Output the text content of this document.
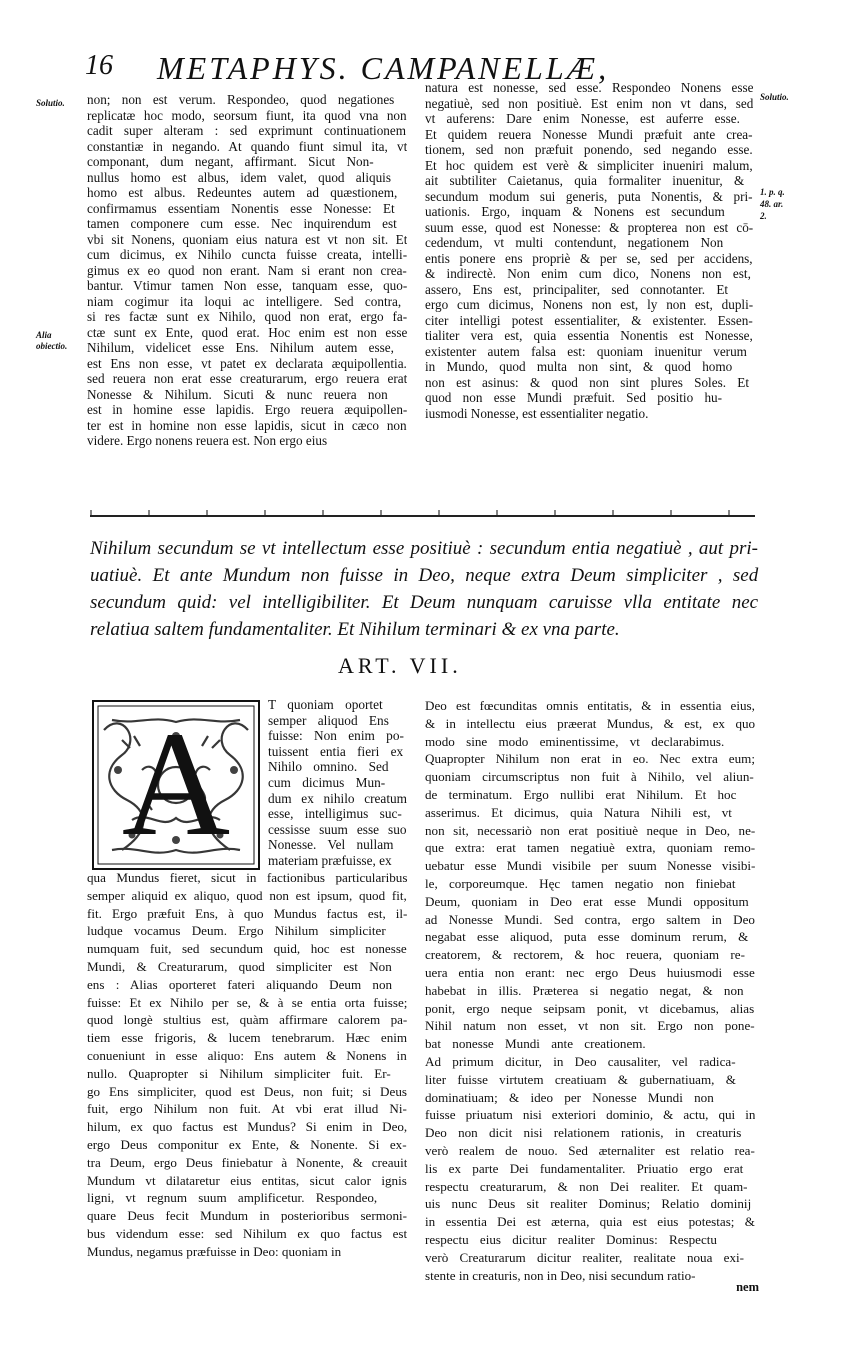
16 METAPHYS. CAMPANELLÆ,
Solutio.
Alia
obiectio.
Solutio.
1. p. q.
48. ar.
2.
non; non est verum. Respondeo, quod negationes
replicatæ hoc modo, seorsum fiunt, ita quod vna non
cadit super alteram : sed exprimunt continuationem
constantiæ in negando. At quando fiunt simul ita, vt
componant, dum negant, affirmant. Sicut Non-
nullus homo est albus, idem valet, quod aliquis
homo est albus. Redeuntes autem ad quæstionem,
confirmamus essentiam Nonentis esse Nonesse: Et
tamen componere cum esse. Nec inquirendum est
vbi sit Nonens, quoniam eius natura est vt non sit. Et
cum dicimus, ex Nihilo cuncta fuisse creata, intelli-
gimus ex eo quod non erant. Nam si erant non crea-
bantur. Vtimur tamen Non esse, tanquam esse, quo-
niam cogimur ita loqui ac intelligere. Sed contra,
si res factæ sunt ex Nihilo, quod non erat, ergo fa-
ctæ sunt ex Ente, quod erat. Hoc enim est non esse
Nihilum, videlicet esse Ens. Nihilum autem esse,
est Ens non esse, vt patet ex declarata æquipollentia.
sed reuera non erat esse creaturarum, ergo reuera erat
Nonesse & Nihilum. Sicuti & nunc reuera non
est in homine esse lapidis. Ergo reuera æquipollen-
ter est in homine non esse lapidis, sicut in cæco non
videre. Ergo nonens reuera est. Non ergo eius
natura est nonesse, sed esse. Respondeo Nonens esse
negatiuè, sed non positiuè. Est enim non vt dans, sed
vt auferens: Dare enim Nonesse, est auferre esse.
Et quidem reuera Nonesse Mundi præfuit ante crea-
tionem, sed non præfuit ponendo, sed negando esse.
Et hoc quidem est verè & simpliciter inueniri malum,
ait subtiliter Caietanus, quia formaliter inuenitur, &
secundum modum sui generis, puta Nonentis, & pri-
uationis. Ergo, inquam & Nonens est secundum
suum esse, quod est Nonesse: & propterea non est cō-
cedendum, vt multi contendunt, negationem Non
entis ponere ens propriè & per se, sed per accidens,
& indirectè. Non enim cum dico, Nonens non est,
assero, Ens est, principaliter, sed connotanter. Et
ergo cum dicimus, Nonens non est, ly non est, dupli-
citer intelligi potest essentialiter, & existenter. Essen-
tialiter vera est, quia essentia Nonentis est Nonesse,
existenter autem falsa est: quoniam inuenitur verum
in Mundo, quod multa non sint, & quod homo
non est asinus: & quod non sint plures Soles. Et
quod non esse Mundi præfuit. Sed positio hu-
iusmodi Nonesse, est essentialiter negatio.
Nihilum secundum se vt intellectum esse positiuè : secundum entia negatiuè , aut pri-
uatiuè. Et ante Mundum non fuisse in Deo, neque extra Deum simpliciter , sed
secundum quid: vel intelligibiliter. Et Deum nunquam caruisse vlla entitate nec
relatiua saltem fundamentaliter. Et Nihilum terminari & ex vna parte.
ART. VII.
A	T quoniam oportet
semper aliquod Ens
fuisse: Non enim po-
tuissent entia fieri ex
Nihilo omnino. Sed
cum dicimus Mun-
dum ex nihilo creatum
esse, intelligimus suc-
cessisse suum esse suo
Nonesse. Vel nullam
materiam præfuisse, ex
qua Mundus fieret, sicut in factionibus particularibus
semper aliquid ex aliquo, quod non est ipsum, quod fit,
fit. Ergo præfuit Ens, à quo Mundus factus est, il-
ludque vocamus Deum. Ergo Nihilum simpliciter
numquam fuit, sed secundum quid, hoc est nonesse
Mundi, & Creaturarum, quod simpliciter est Non
ens : Alias oporteret fateri aliquando Deum non
fuisse: Et ex Nihilo per se, & à se entia orta fuisse;
quod longè stultius est, quàm affirmare calorem pa-
tiem esse frigoris, & lucem tenebrarum. Hæc enim
conueniunt in esse aliquo: Ens autem & Nonens in
nullo. Quapropter si Nihilum simpliciter fuit. Er-
go Ens simpliciter, quod est Deus, non fuit; si Deus
fuit, ergo Nihilum non fuit. At vbi erat illud Ni-
hilum, ex quo factus est Mundus? Si enim in Deo,
ergo Deus componitur ex Ente, & Nonente. Si ex-
tra Deum, ergo Deus finiebatur à Nonente, & creauit
Mundum vt dilataretur eius entitas, sicut calor ignis
ligni, vt regnum suum amplificetur. Respondeo,
quare Deus fecit Mundum in posterioribus sermoni-
bus videndum esse: sed Nihilum ex quo factus est
Mundus, negamus præfuisse in Deo: quoniam in
Deo est fœcunditas omnis entitatis, & in essentia eius,
& in intellectu eius præerat Mundus, & est, ex quo
modo sine modo eminentissime, vt declarabimus.
Quapropter Nihilum non erat in eo. Nec extra eum;
quoniam circumscriptus non fuit à Nihilo, vel aliun-
de terminatum. Ergo nullibi erat Nihilum. Et hoc
asserimus. Et dicimus, quia Natura Nihili est, vt
non sit, necessariò non erat positiuè neque in Deo, ne-
que extra: erat tamen negatiuè extra, quoniam remo-
uebatur esse Mundi visibile per suum Nonesse visibi-
le, corporeumque. Hęc tamen negatio non finiebat
Deum, quoniam in Deo erat esse Mundi oppositum
ad Nonesse Mundi. Sed contra, ergo saltem in Deo
negabat esse aliquod, puta esse dominum rerum, &
creatorem, & rectorem, & hoc reuera, quoniam re-
uera entia non erant: nec ergo Deus huiusmodi esse
habebat in illis. Præterea si negatio negat, & non
ponit, ergo neque seipsam ponit, vt dicebamus, alias
Nihil natum non esset, vt non sit. Ergo non pone-
bat nonesse Mundi ante creationem.
Ad primum dicitur, in Deo causaliter, vel radica-
liter fuisse virtutem creatiuam & gubernatiuam, &
dominatiuam; & ideo per Nonesse Mundi non
fuisse priuatum nisi exteriori dominio, & actu, qui in
Deo non dicit nisi relationem rationis, in creaturis
verò realem de nouo. Sed æternaliter est relatio rea-
lis ex parte Dei fundamentaliter. Priuatio ergo erat
respectu creaturarum, & non Dei realiter. Et quam-
uis nunc Deus sit realiter Dominus; Relatio dominij
in essentia Dei est æterna, quia est eius potestas; &
respectu eius dicitur realiter Dominus: Respectu
verò Creaturarum dicitur realiter, realitate noua exi-
stente in creaturis, non in Deo, nisi secundum ratio-
nem
